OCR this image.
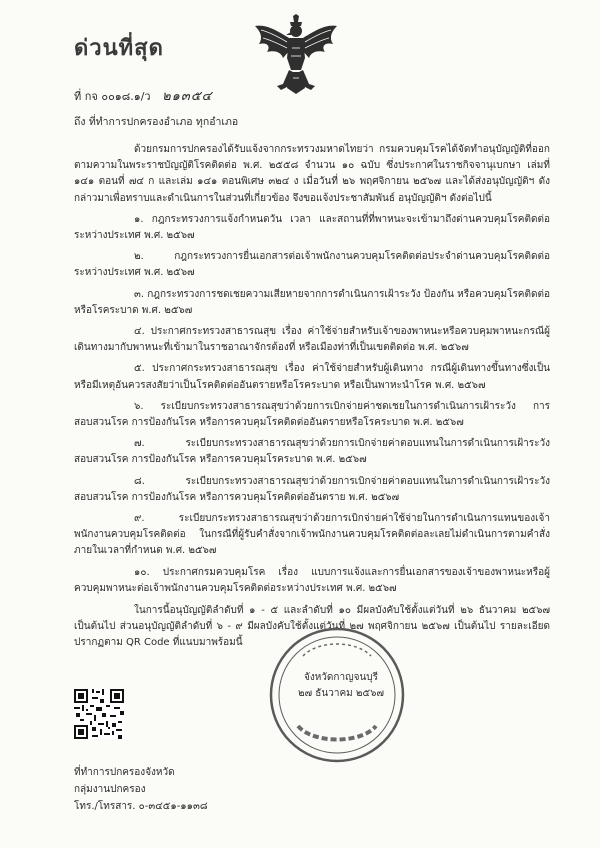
ด่วนที่สุด
ที่ กจ ๐๐๑๘.๑/ว ๒๑๓๕๔
ถึง ที่ทำการปกครองอำเภอ ทุกอำเภอ

ด้วยกรมการปกครองได้รับแจ้งจากกระทรวงมหาดไทยว่า กรมควบคุมโรคได้จัดทำอนุบัญญัติที่ออกตามความในพระราชบัญญัติโรคติดต่อ พ.ศ. ๒๕๕๘ จำนวน ๑๐ ฉบับ ซึ่งประกาศในราชกิจจานุเบกษา เล่มที่ ๑๔๑ ตอนที่ ๗๔ ก และเล่ม ๑๔๑ ตอนพิเศษ ๓๒๔ ง เมื่อวันที่ ๒๖ พฤศจิกายน ๒๕๖๗ และได้ส่งอนุบัญญัติฯ ดังกล่าวมาเพื่อทราบและดำเนินการในส่วนที่เกี่ยวข้อง จึงขอแจ้งประชาสัมพันธ์ อนุบัญญัติฯ ดังต่อไปนี้

๑. กฎกระทรวงการแจ้งกำหนดวัน เวลา และสถานที่ที่พาหนะจะเข้ามาถึงด่านควบคุมโรคติดต่อระหว่างประเทศ พ.ศ. ๒๕๖๗

๒. กฎกระทรวงการยื่นเอกสารต่อเจ้าพนักงานควบคุมโรคติดต่อประจำด่านควบคุมโรคติดต่อระหว่างประเทศ พ.ศ. ๒๕๖๗

๓. กฎกระทรวงการชดเชยความเสียหายจากการดำเนินการเฝ้าระวัง ป้องกัน หรือควบคุมโรคติดต่อหรือโรคระบาด พ.ศ. ๒๕๖๗

๔. ประกาศกระทรวงสาธารณสุข เรื่อง ค่าใช้จ่ายสำหรับเจ้าของพาหนะหรือควบคุมพาหนะกรณีผู้เดินทางมากับพาหนะที่เข้ามาในราชอาณาจักรต้องที่ หรือเมืองท่าที่เป็นเขตติดต่อ พ.ศ. ๒๕๖๗

๕. ประกาศกระทรวงสาธารณสุข เรื่อง ค่าใช้จ่ายสำหรับผู้เดินทาง กรณีผู้เดินทางขึ้นทางซึ่งเป็นหรือมีเหตุอันควรสงสัยว่าเป็นโรคติดต่ออันตรายหรือโรคระบาด หรือเป็นพาหะนำโรค พ.ศ. ๒๕๖๗

๖. ระเบียบกระทรวงสาธารณสุขว่าด้วยการเบิกจ่ายค่าชดเชยในการดำเนินการเฝ้าระวัง การสอบสวนโรค การป้องกันโรค หรือการควบคุมโรคติดต่ออันตรายหรือโรคระบาด พ.ศ. ๒๕๖๗

๗. ระเบียบกระทรวงสาธารณสุขว่าด้วยการเบิกจ่ายค่าตอบแทนในการดำเนินการเฝ้าระวัง สอบสวนโรค การป้องกันโรค หรือการควบคุมโรคระบาด พ.ศ. ๒๕๖๗

๘. ระเบียบกระทรวงสาธารณสุขว่าด้วยการเบิกจ่ายค่าตอบแทนในการดำเนินการเฝ้าระวัง สอบสวนโรค การป้องกันโรค หรือการควบคุมโรคติดต่ออันตราย พ.ศ. ๒๕๖๗

๙. ระเบียบกระทรวงสาธารณสุขว่าด้วยการเบิกจ่ายค่าใช้จ่ายในการดำเนินการแทนของเจ้าพนักงานควบคุมโรคติดต่อ ในกรณีที่ผู้รับคำสั่งจากเจ้าพนักงานควบคุมโรคติดต่อละเลยไม่ดำเนินการตามคำสั่งภายในเวลาที่กำหนด พ.ศ. ๒๕๖๗

๑๐. ประกาศกรมควบคุมโรค เรื่อง แบบการแจ้งและการยื่นเอกสารของเจ้าของพาหนะหรือผู้ควบคุมพาหนะต่อเจ้าพนักงานควบคุมโรคติดต่อระหว่างประเทศ พ.ศ. ๒๕๖๗

ในการนี้อนุบัญญัติลำดับที่ ๑ - ๕ และลำดับที่ ๑๐ มีผลบังคับใช้ตั้งแต่วันที่ ๒๖ ธันวาคม ๒๕๖๗ เป็นต้นไป ส่วนอนุบัญญัติลำดับที่ ๖ - ๙ มีผลบังคับใช้ตั้งแต่วันที่ ๒๗ พฤศจิกายน ๒๕๖๗ เป็นต้นไป รายละเอียดปรากฏตาม QR Code ที่แนบมาพร้อมนี้

จังหวัดกาญจนบุรี
๒๗ ธันวาคม ๒๕๖๗

ที่ทำการปกครองจังหวัด

กลุ่มงานปกครอง

โทร./โทรสาร. ๐-๓๔๕๑-๑๑๓๘
